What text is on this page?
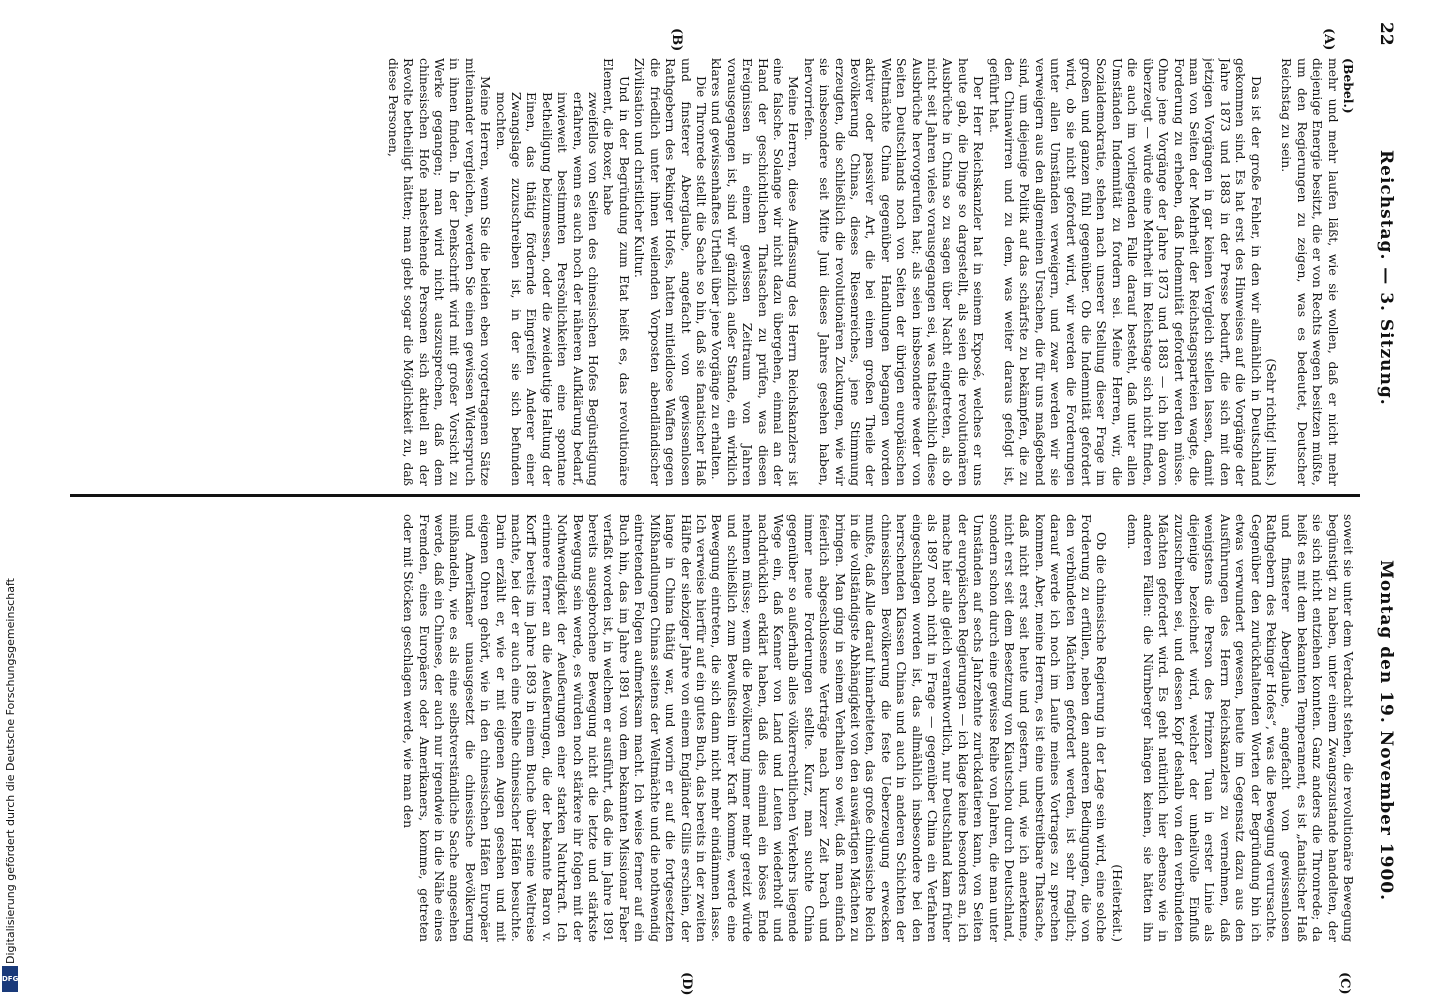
22
Reichstag. — 3. Sitzung.
Montag den 19. November 1900.
(A)
(B)
(C)
(D)

(Bebel.)

mehr und mehr laufen läßt, wie sie wollen, daß er nicht mehr diejenige Energie besitzt, die er von Rechts wegen besitzen müßte, um den Regierungen zu zeigen, was es bedeutet, Deutscher Reichstag zu sein.

(Sehr richtig! links.)

Das ist der große Fehler, in den wir allmählich in Deutschland gekommen sind. Es hat erst des Hinweises auf die Vorgänge der Jahre 1873 und 1883 in der Presse bedurft, die sich mit den jetzigen Vorgängen in gar keinen Vergleich stellen lassen, damit man von Seiten der Mehrheit der Reichstagsparteien wagte, die Forderung zu erheben, daß Indemnität gefordert werden müsse. Ohne jene Vorgänge der Jahre 1873 und 1883 — ich bin davon überzeugt — würde eine Mehrheit im Reichstage sich nicht finden, die auch im vorliegenden Falle darauf besteht, daß unter allen Umständen Indemnität zu fordern sei. Meine Herren, wir, die Sozialdemokratie, stehen nach unserer Stellung dieser Frage im großen und ganzen fühl gegenüber. Ob die Indemnität gefordert wird, ob sie nicht gefordert wird, wir werden die Forderungen unter allen Umständen verweigern, und zwar werden wir sie verweigern aus den allgemeinen Ursachen, die für uns maßgebend sind, um diejenige Politik auf das schärfste zu bekämpfen, die zu den Chinawirren und zu dem, was weiter daraus gefolgt ist, geführt hat.

Der Herr Reichskanzler hat in seinem Exposé, welches er uns heute gab, die Dinge so dargestellt, als seien die revolutionären Ausbrüche in China so zu sagen über Nacht eingetreten, als ob nicht seit Jahren vieles vorausgegangen sei, was thatsächlich diese Ausbrüche hervorgerufen hat; als seien insbesondere weder von Seiten Deutschlands noch von Seiten der übrigen europäischen Weltmächte China gegenüber Handlungen begangen worden aktiver oder passiver Art, die bei einem großen Theile der Bevölkerung Chinas, dieses Riesenreiches, jene Stimmung erzeugten, die schließlich die revolutionären Zuckungen, wie wir sie insbesondere seit Mitte Juni dieses Jahres gesehen haben, hervorriefen.

Meine Herren, diese Auffassung des Herrn Reichskanzlers ist eine falsche. Solange wir nicht dazu übergehen, einmal an der Hand der geschichtlichen Thatsachen zu prüfen, was diesen Ereignissen in einem gewissen Zeitraum von Jahren vorausgegangen ist, sind wir gänzlich außer Stande, ein wirklich klares und gewissenhaftes Urtheil über jene Vorgänge zu erhalten.

Die Thronrede stellt die Sache so hin, daß sie fanatischer Haß und finsterer Aberglaube, angefacht von gewissenlosen Rathgebern des Pekinger Hofes, hatten mitleidlose Waffen gegen die friedlich unter ihnen weilenden Vorposten abendländischer Zivilisation und christlicher Kultur.

Und in der Begründung zum Etat heißt es, das revolutionäre Element, die Boxer, habe

zweifellos von Seiten des chinesischen Hofes Begünstigung erfahren, wenn es auch noch der näheren Aufklärung bedarf, inwieweit bestimmten Persönlichkeiten eine spontane Betheiligung beizumessen, oder die zweideutige Haltung der Einen, das thätig fördernde Eingreifen Anderer einer Zwangslage zuzuschreiben ist, in der sie sich befunden mochten.

Meine Herren, wenn Sie die beiden eben vorgetragenen Sätze miteinander vergleichen, werden Sie einen gewissen Widerspruch in ihnen finden. In der Denkschrift wird mit großer Vorsicht zu Werke gegangen; man wird nicht auszusprechen, daß dem chinesischen Hofe nahestehende Personen sich aktuell an der Revolte betheiligt hätten; man giebt sogar die Möglichkeit zu, daß diese Personen,

soweit sie unter dem Verdacht stehen, die revolutionäre Bewegung begünstigt zu haben, unter einem Zwangszustande handelten, der sie sich nicht entziehen konnten. Ganz anders die Thronrede; da heißt es mit dem bekannten Temperament, es ist „fanatischer Haß und finsterer Aberglaube, angefacht von gewissenlosen Rathgebern des Pekinger Hofes“, was die Bewegung verursachte. Gegenüber den zurückhaltenden Worten der Begründung bin ich etwas verwundert gewesen, heute im Gegensatz dazu aus den Ausführungen des Herrn Reichskanzlers zu vernehmen, daß wenigstens die Person des Prinzen Tuan in erster Linie als diejenige bezeichnet wird, welcher der unheilvolle Einfluß zuzuschreiben sei, und dessen Kopf deshalb von den verbündeten Mächten gefordert wird. Es geht natürlich hier ebenso wie in anderen Fällen: die Nürnberger hängen keinen, sie hätten ihn denn.

(Heiterkeit.)

Ob die chinesische Regierung in der Lage sein wird, eine solche Forderung zu erfüllen, neben den anderen Bedingungen, die von den verbündeten Mächten gefordert werden, ist sehr fraglich; darauf werde ich noch im Laufe meines Vortrages zu sprechen kommen. Aber, meine Herren, es ist eine unbestreitbare Thatsache, daß nicht erst seit heute und gestern, und, wie ich anerkenne, nicht erst seit dem Besetzung von Kiautschou durch Deutschland, sondern schon durch eine gewisse Reihe von Jahren, die man unter Umständen auf sechs Jahrzehnte zurückdatieren kann, von Seiten der europäischen Regierungen — ich klage keine besonders an, ich mache hier alle gleich verantwortlich, nur Deutschland kam früher als 1897 noch nicht in Frage — gegenüber China ein Verfahren eingeschlagen worden ist, das allmählich insbesondere bei den herrschenden Klassen Chinas und auch in anderen Schichten der chinesischen Bevölkerung die feste Ueberzeugung erwecken mußte, daß Alle darauf hinarbeiteten, das große chinesische Reich in die vollständigste Abhängigkeit von den auswärtigen Mächten zu bringen. Man ging in seinem Verhalten so weit, daß man einfach feierlich abgeschlossene Verträge nach kurzer Zeit brach und immer neue Forderungen stellte. Kurz, man suchte China gegenüber so außerhalb alles völkerrechtlichen Verkehrs liegende Wege ein, daß Kenner von Land und Leuten wiederholt und nachdrücklich erklärt haben, daß dies einmal ein böses Ende nehmen müsse; wenn die Bevölkerung immer mehr gereizt würde und schließlich zum Bewußtsein ihrer Kraft komme, werde eine Bewegung eintreten, die sich dann nicht mehr eindämmen lasse. Ich verweise hierfür auf ein gutes Buch, das bereits in der zweiten Hälfte der siebziger Jahre von einem Engländer Gillis erschien, der lange in China thätig war, und worin er auf die fortgesetzten Mißhandlungen Chinas seitens der Weltmächte und die nothwendig eintretenden Folgen aufmerksam macht. Ich weise ferner auf ein Buch hin, das im Jahre 1891 von dem bekannten Missionar Faber verfaßt worden ist, in welchem er ausführt, daß die im Jahre 1891 bereits ausgebrochene Bewegung nicht die letzte und stärkste Bewegung sein werde, es würden noch stärkere ihr folgen mit der Nothwendigkeit der Aeußerungen einer starken Naturkraft. Ich erinnere ferner an die Aeußerungen, die der bekannte Baron v. Korff bereits im Jahre 1893 in einem Buche über seine Weltreise machte, bei der er auch eine Reihe chinesischer Häfen besuchte. Darin erzählt er, wie er mit eigenen Augen gesehen und mit eigenen Ohren gehört, wie in den chinesischen Häfen Europäer und Amerikaner unausgesetzt die chinesische Bevölkerung mißhandeln, wie es als eine selbstverständliche Sache angesehen werde, daß ein Chinese, der auch nur irgendwie in die Nähe eines Fremden, eines Europäers oder Amerikaners, komme, getreten oder mit Stöcken geschlagen werde, wie man den

Digitalisierung gefördert durch die Deutsche Forschungsgemeinschaft
DFG
